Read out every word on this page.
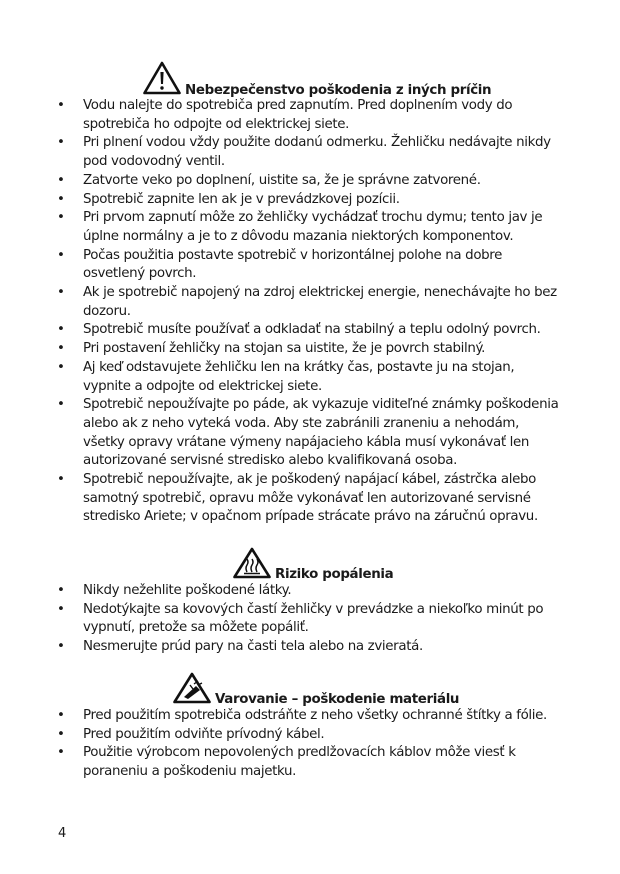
Nebezpečenstvo poškodenia z iných príčin
• Vodu nalejte do spotrebiča pred zapnutím. Pred doplnením vody do spotrebiča ho odpojte od elektrickej siete.
• Pri plnení vodou vždy použite dodanú odmerku. Žehličku nedávajte nikdy pod vodovodný ventil.
• Zatvorte veko po doplnení, uistite sa, že je správne zatvorené.
• Spotrebič zapnite len ak je v prevádzkovej pozícii.
• Pri prvom zapnutí môže zo žehličky vychádzať trochu dymu; tento jav je úplne normálny a je to z dôvodu mazania niektorých komponentov.
• Počas použitia postavte spotrebič v horizontálnej polohe na dobre osvetlený povrch.
• Ak je spotrebič napojený na zdroj elektrickej energie, nenechávajte ho bez dozoru.
• Spotrebič musíte používať a odkladať na stabilný a teplu odolný povrch.
• Pri postavení žehličky na stojan sa uistite, že je povrch stabilný.
• Aj keď odstavujete žehličku len na krátky čas, postavte ju na stojan, vypnite a odpojte od elektrickej siete.
• Spotrebič nepoužívajte po páde, ak vykazuje viditeľné známky poškodenia alebo ak z neho vyteká voda. Aby ste zabránili zraneniu a nehodám, všetky opravy vrátane výmeny napájacieho kábla musí vykonávať len autorizované servisné stredisko alebo kvalifikovaná osoba.
• Spotrebič nepoužívajte, ak je poškodený napájací kábel, zástrčka alebo samotný spotrebič, opravu môže vykonávať len autorizované servisné stredisko Ariete; v opačnom prípade strácate právo na záručnú opravu.
Riziko popálenia
• Nikdy nežehlite poškodené látky.
• Nedotýkajte sa kovových častí žehličky v prevádzke a niekoľko minút po vypnutí, pretože sa môžete popáliť.
• Nesmerujte prúd pary na časti tela alebo na zvieratá.
Varovanie – poškodenie materiálu
• Pred použitím spotrebiča odstráňte z neho všetky ochranné štítky a fólie.
• Pred použitím odviňte prívodný kábel.
• Použitie výrobcom nepovolených predlžovacích káblov môže viesť k poraneniu a poškodeniu majetku.
4
